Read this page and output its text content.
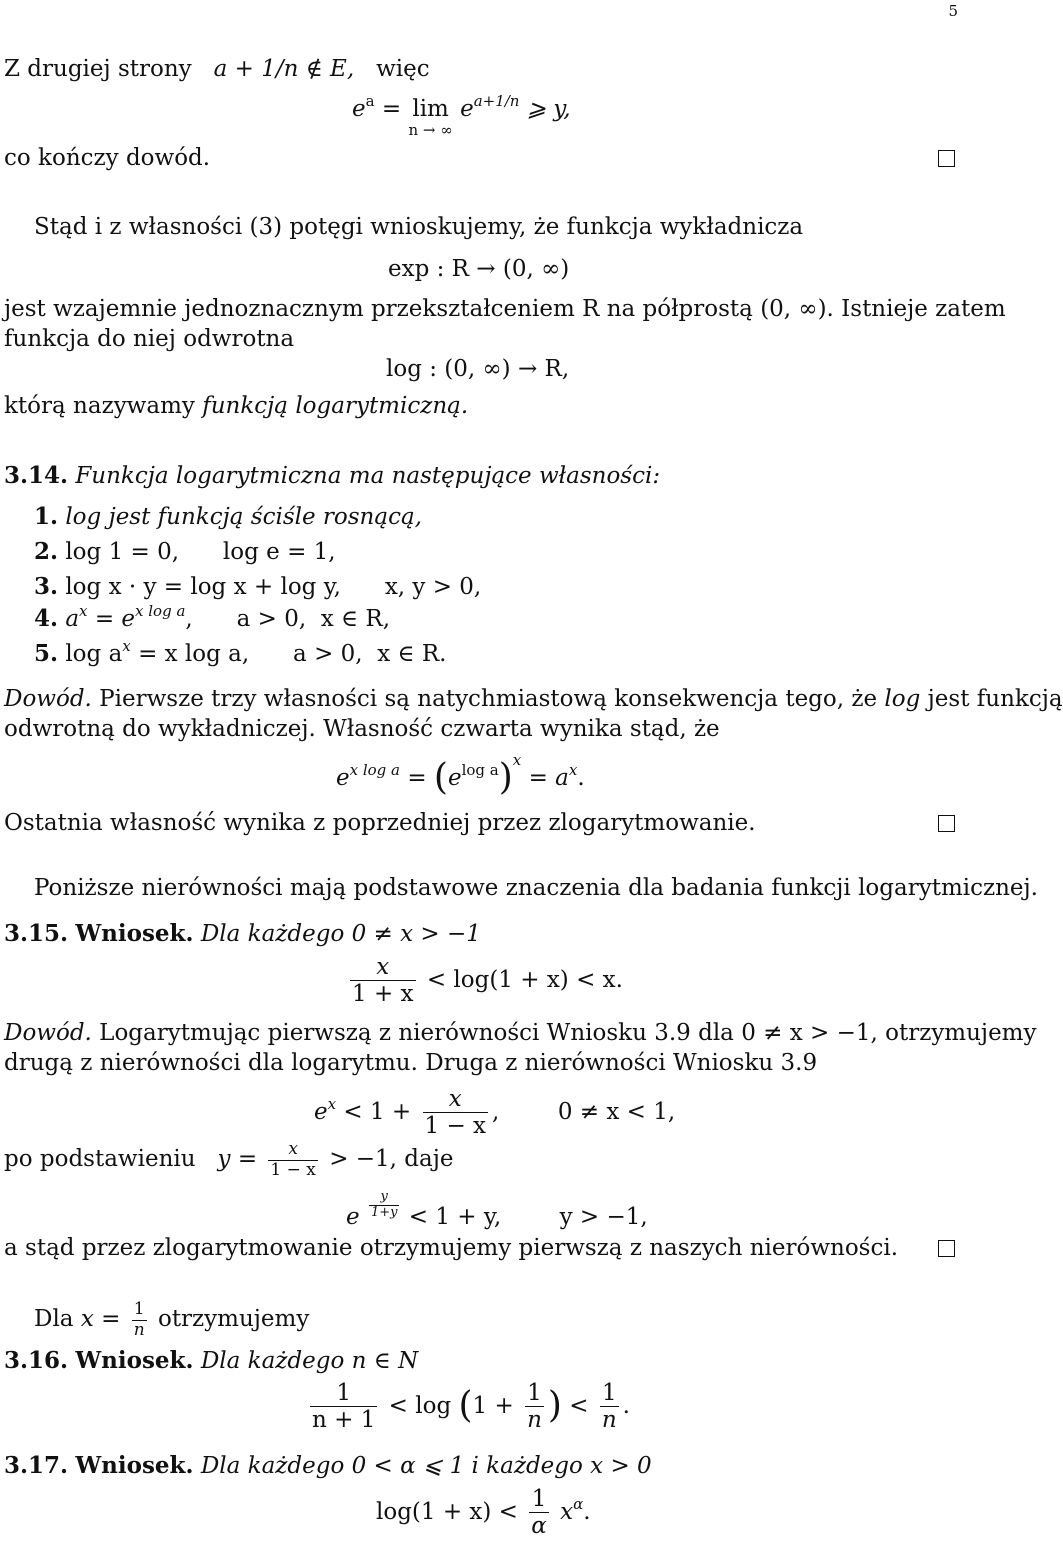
5
Z drugiej strony a + 1/n ∉ E, więc
$e^a = \lim$
n → ∞
$e^{a+1/n}$ ⩾ y,
co kończy dowód.
Stąd i z własności (3) potęgi wnioskujemy, że funkcja wykładnicza
exp : R → (0, ∞)
jest wzajemnie jednoznacznym przekształceniem R na półprostą (0, ∞). Istnieje zatem
funkcja do niej odwrotna
log : (0, ∞) → R,
którą nazywamy funkcją logarytmiczną.
3.14. Funkcja logarytmiczna ma następujące własności:
1. log jest funkcją ściśle rosnącą,
2. log 1 = 0,      log e = 1,
3. log x · y = log x + log y,      x, y > 0,
4. $a^x = e^{x log a}$,      a > 0,  x ∈ R,
5. $\log a^x = x$ log a,      a > 0,  x ∈ R.
Dowód. Pierwsze trzy własności są natychmiastową konsekwencja tego, że log jest funkcją
odwrotną do wykładniczej. Własność czwarta wynika stąd, że
$e^{x log a} = (e^{log a})^x = a^x$.
Ostatnia własność wynika z poprzedniej przez zlogarytmowanie.
Poniższe nierówności mają podstawowe znaczenia dla badania funkcji logarytmicznej.
3.15. Wniosek. Dla każdego 0 ≠ x > −1
$\frac{x}{1 + x} < \log(1 + x) < x$.
Dowód. Logarytmując pierwszą z nierówności Wniosku 3.9 dla 0 ≠ x > −1, otrzymujemy
drugą z nierówności dla logarytmu. Druga z nierówności Wniosku 3.9
$e^x < 1 + \frac{x}{1 - x}$ ,        0 ≠ x < 1,
po podstawieniu $y = \frac{x}{1 - x} > -1$, daje
e $\frac{y}{1+y} < 1 + y$,        y > −1,
a stąd przez zlogarytmowanie otrzymujemy pierwszą z naszych nierówności.
Dla $x = \frac{1}{n}$ otrzymujemy
3.16. Wniosek. Dla każdego n ∈ N
$\frac{1}{n + 1} < \log (1 + \frac{1}{n}$ ) < $\frac{1}{n}$ .
3.17. Wniosek. Dla każdego 0 < α ⩽ 1 i każdego x > 0
$\log(1 + x) < \frac{1}{\alpha} x^\alpha$.
